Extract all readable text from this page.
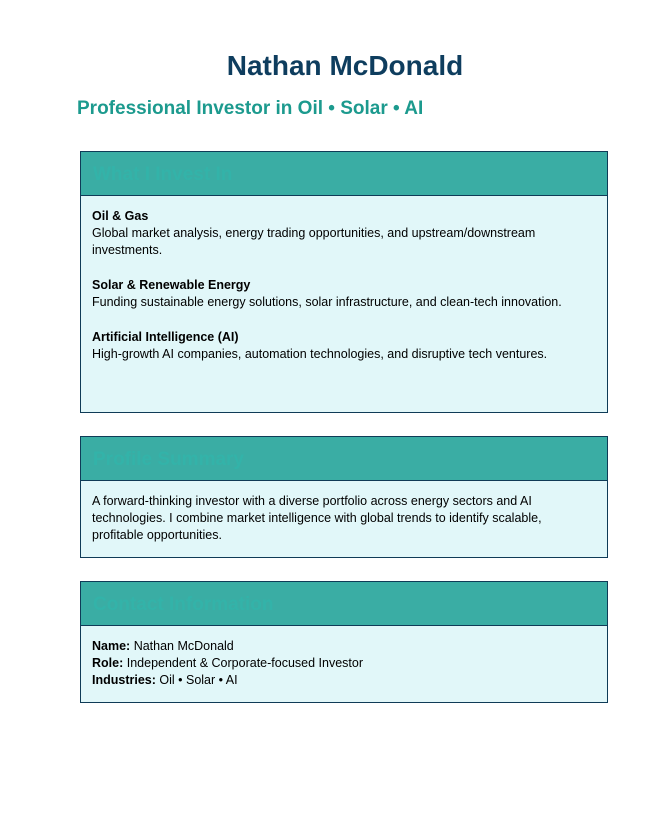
Nathan McDonald

Professional Investor in Oil • Solar • AI

What I Invest In
Oil & Gas
Global market analysis, energy trading opportunities, and upstream/downstream investments.
Solar & Renewable Energy
Funding sustainable energy solutions, solar infrastructure, and clean-tech innovation.
Artificial Intelligence (AI)
High-growth AI companies, automation technologies, and disruptive tech ventures.
Profile Summary

A forward-thinking investor with a diverse portfolio across energy sectors and AI technologies. I combine market intelligence with global trends to identify scalable, profitable opportunities.

Contact Information
Name: Nathan McDonald
Role: Independent & Corporate-focused Investor
Industries: Oil • Solar • AI
